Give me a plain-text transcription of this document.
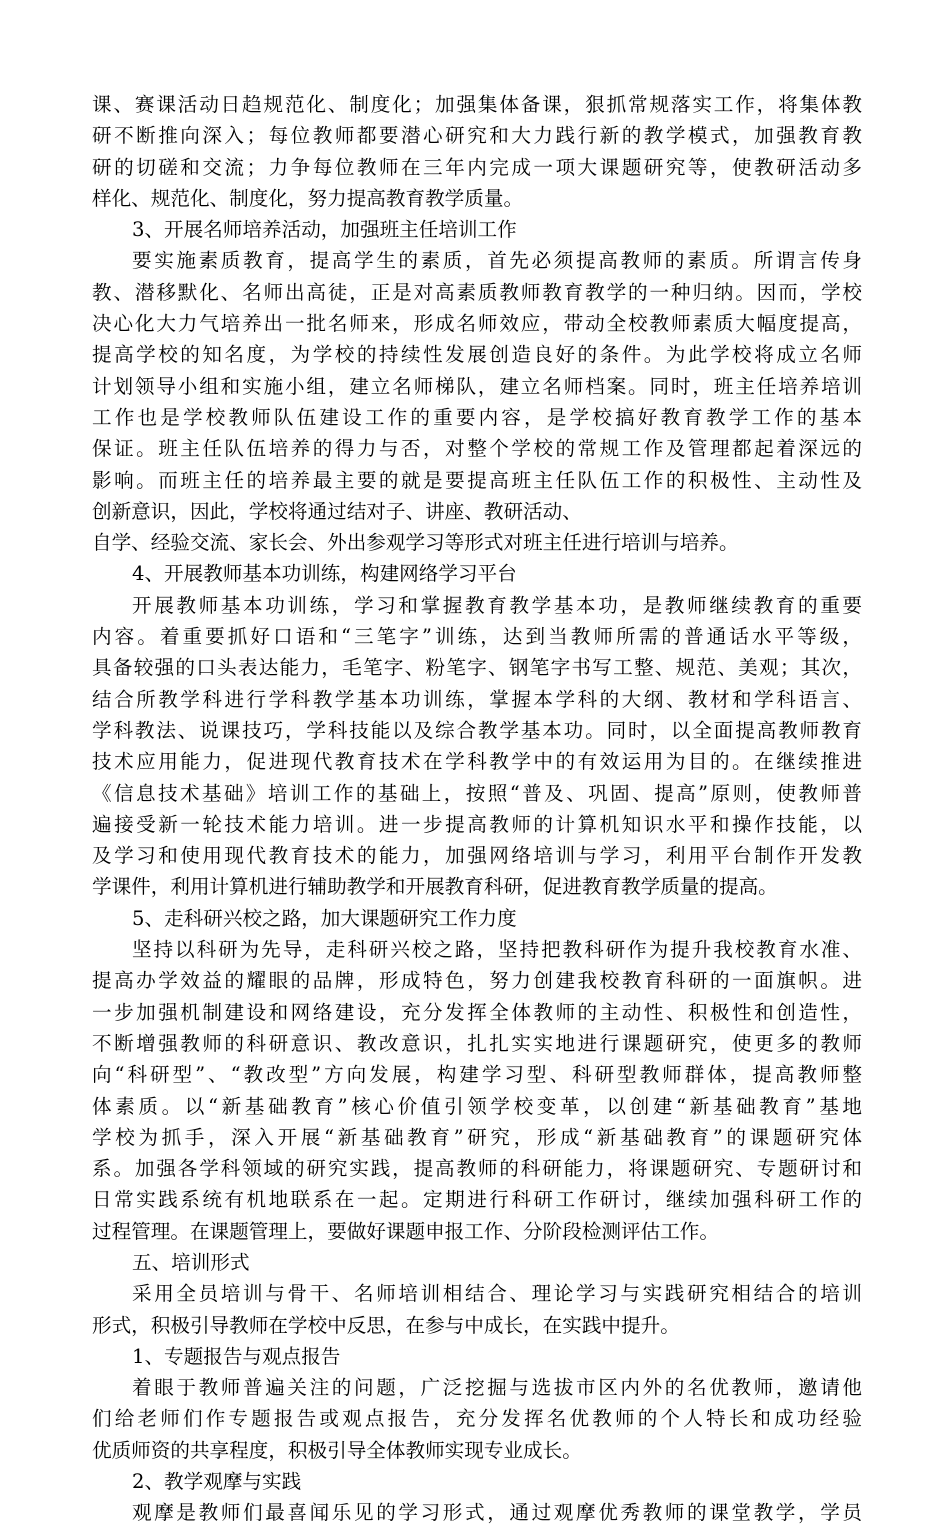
课、赛课活动日趋规范化、制度化；加强集体备课，狠抓常规落实工作，将集体教
研不断推向深入；每位教师都要潜心研究和大力践行新的教学模式，加强教育教
研的切磋和交流；力争每位教师在三年内完成一项大课题研究等，使教研活动多
样化、规范化、制度化，努力提高教育教学质量。
3、开展名师培养活动，加强班主任培训工作
要实施素质教育，提高学生的素质，首先必须提高教师的素质。所谓言传身
教、潜移默化、名师出高徒，正是对高素质教师教育教学的一种归纳。因而，学校
决心化大力气培养出一批名师来，形成名师效应，带动全校教师素质大幅度提高，
提高学校的知名度，为学校的持续性发展创造良好的条件。为此学校将成立名师
计划领导小组和实施小组，建立名师梯队，建立名师档案。同时，班主任培养培训
工作也是学校教师队伍建设工作的重要内容，是学校搞好教育教学工作的基本
保证。班主任队伍培养的得力与否，对整个学校的常规工作及管理都起着深远的
影响。而班主任的培养最主要的就是要提高班主任队伍工作的积极性、主动性及
创新意识，因此，学校将通过结对子、讲座、教研活动、
自学、经验交流、家长会、外出参观学习等形式对班主任进行培训与培养。
4、开展教师基本功训练，构建网络学习平台
开展教师基本功训练，学习和掌握教育教学基本功，是教师继续教育的重要
内容。着重要抓好口语和“三笔字”训练，达到当教师所需的普通话水平等级，
具备较强的口头表达能力，毛笔字、粉笔字、钢笔字书写工整、规范、美观；其次，
结合所教学科进行学科教学基本功训练，掌握本学科的大纲、教材和学科语言、
学科教法、说课技巧，学科技能以及综合教学基本功。同时，以全面提高教师教育
技术应用能力，促进现代教育技术在学科教学中的有效运用为目的。在继续推进
《信息技术基础》培训工作的基础上，按照“普及、巩固、提高”原则，使教师普
遍接受新一轮技术能力培训。进一步提高教师的计算机知识水平和操作技能，以
及学习和使用现代教育技术的能力，加强网络培训与学习，利用平台制作开发教
学课件，利用计算机进行辅助教学和开展教育科研，促进教育教学质量的提高。
5、走科研兴校之路，加大课题研究工作力度
坚持以科研为先导，走科研兴校之路，坚持把教科研作为提升我校教育水准、
提高办学效益的耀眼的品牌，形成特色，努力创建我校教育科研的一面旗帜。进
一步加强机制建设和网络建设，充分发挥全体教师的主动性、积极性和创造性，
不断增强教师的科研意识、教改意识，扎扎实实地进行课题研究，使更多的教师
向“科研型”、“教改型”方向发展，构建学习型、科研型教师群体，提高教师整
体素质。以“新基础教育”核心价值引领学校变革，以创建“新基础教育”基地
学校为抓手，深入开展“新基础教育”研究，形成“新基础教育”的课题研究体
系。加强各学科领域的研究实践，提高教师的科研能力，将课题研究、专题研讨和
日常实践系统有机地联系在一起。定期进行科研工作研讨，继续加强科研工作的
过程管理。在课题管理上，要做好课题申报工作、分阶段检测评估工作。
五、培训形式
采用全员培训与骨干、名师培训相结合、理论学习与实践研究相结合的培训
形式，积极引导教师在学校中反思，在参与中成长，在实践中提升。
1、专题报告与观点报告
着眼于教师普遍关注的问题，广泛挖掘与选拔市区内外的名优教师，邀请他
们给老师们作专题报告或观点报告，充分发挥名优教师的个人特长和成功经验
优质师资的共享程度，积极引导全体教师实现专业成长。
2、教学观摩与实践
观摩是教师们最喜闻乐见的学习形式，通过观摩优秀教师的课堂教学，学员
